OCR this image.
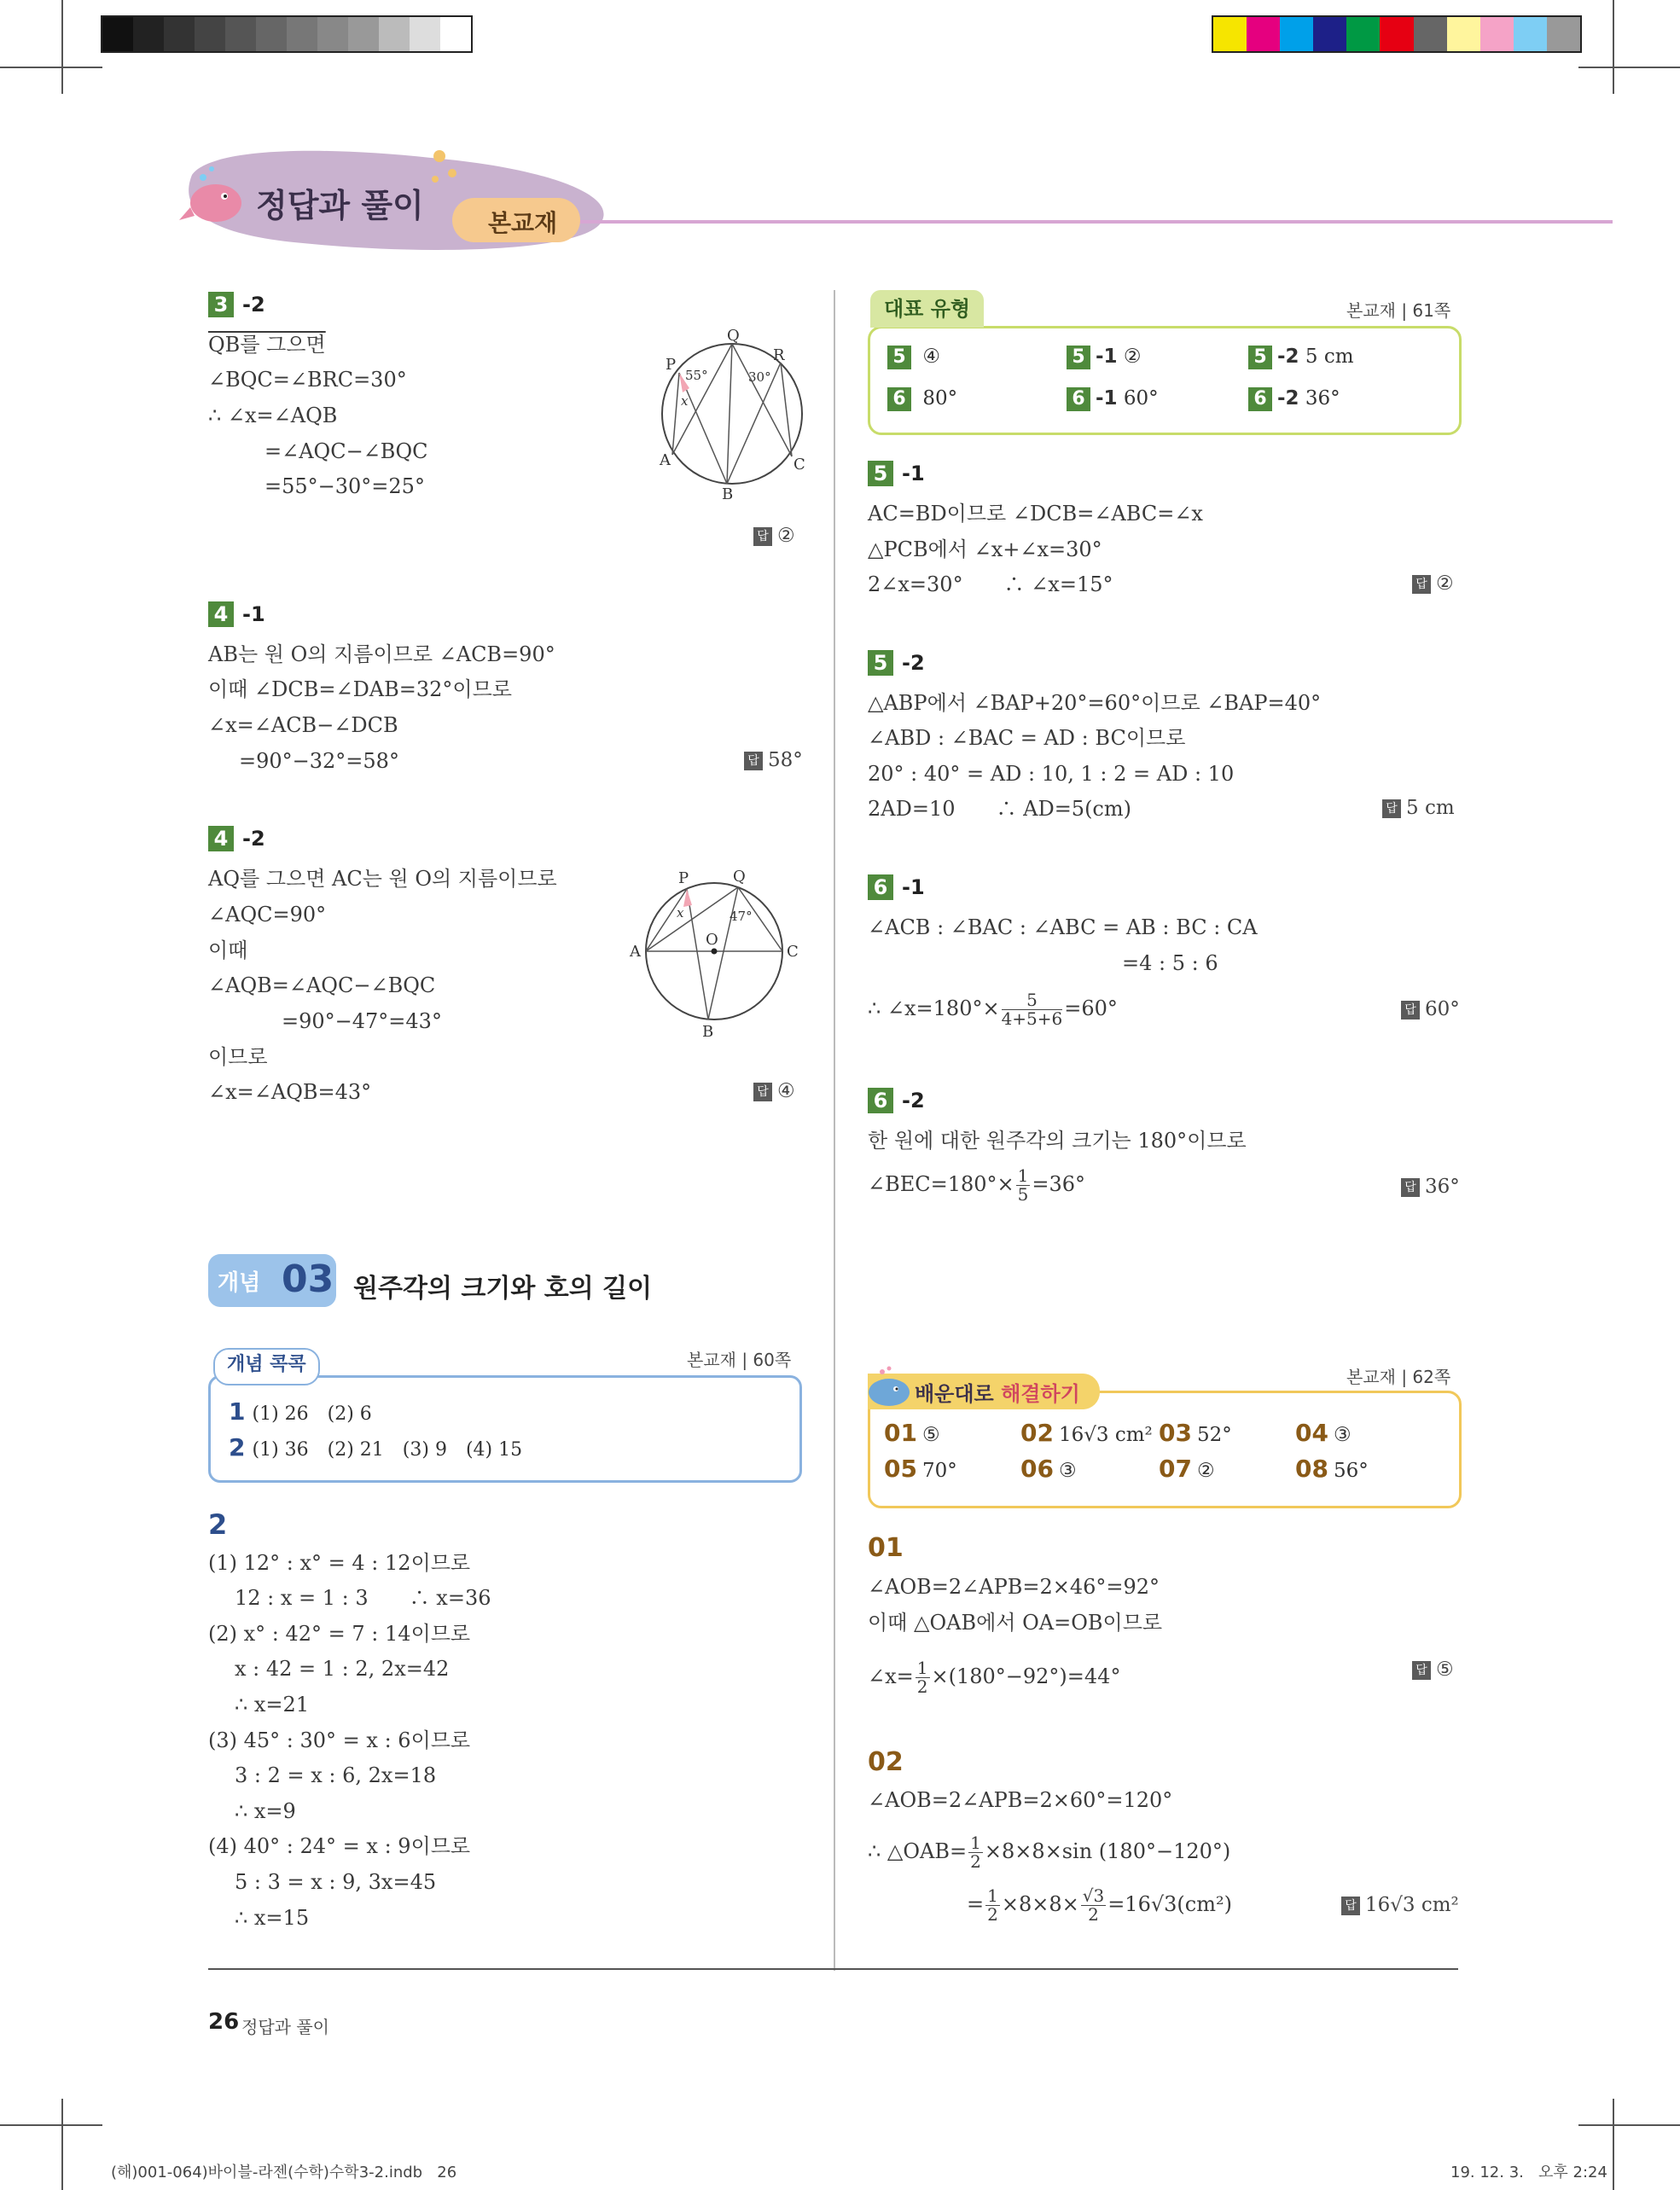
정답과 풀이	본교재
3 -2
QB를 그으면
∠BQC=∠BRC=30°
∴ ∠x=∠AQB
=∠AQC−∠BQC
=55°−30°=25°
P
Q
R
A
B
C
55°	30°
x
답 ②
4 -1
AB는 원 O의 지름이므로 ∠ACB=90°
이때 ∠DCB=∠DAB=32°이므로
∠x=∠ACB−∠DCB
=90°−32°=58°	답 58°
4 -2
AQ를 그으면 AC는 원 O의 지름이므로
∠AQC=90°
이때
∠AQB=∠AQC−∠BQC
=90°−47°=43°
이므로
∠x=∠AQB=43°
P	Q
A	C
O
B
47°
x
답 ④
개념 03 원주각의 크기와 호의 길이
개념 콕콕	본교재 | 60쪽
1 (1) 26　(2) 6
2 (1) 36　(2) 21　(3) 9　(4) 15
2
(1) 12° : x° = 4 : 12이므로
12 : x = 1 : 3　　∴ x=36
(2) x° : 42° = 7 : 14이므로
x : 42 = 1 : 2, 2x=42
∴ x=21
(3) 45° : 30° = x : 6이므로
3 : 2 = x : 6, 2x=18
∴ x=9
(4) 40° : 24° = x : 9이므로
5 : 3 = x : 9, 3x=45
∴ x=15
대표 유형	본교재 | 61쪽
5 ④	5 -1 ②	5 -2 5 cm
6 80°	6 -1 60°	6 -2 36°
5 -1
AC=BD이므로 ∠DCB=∠ABC=∠x
△PCB에서 ∠x+∠x=30°
2∠x=30°　　∴ ∠x=15°	답 ②
5 -2
△ABP에서 ∠BAP+20°=60°이므로 ∠BAP=40°
∠ABD : ∠BAC = AD : BC이므로
20° : 40° = AD : 10, 1 : 2 = AD : 10
2AD=10　　∴ AD=5(cm)	답 5 cm
6 -1
∠ACB : ∠BAC : ∠ABC = AB : BC : CA
=4 : 5 : 6
∴ ∠x=180°× $\frac{5}{4+5+6} =60^\circ$	답 60°
6 -2
한 원에 대한 원주각의 크기는 180°이므로
∠BEC=180°× $\frac{1}{5} =36^\circ$	답 36°
배운대로 해결하기
본교재 | 62쪽
01 ⑤	02 16√3 cm² 03 52°	04 ③
05 70°	06 ③	07 ②	08 56°
01
∠AOB=2∠APB=2×46°=92°
이때 △OAB에서 OA=OB이므로
∠x= $\frac{1}{2} \times(180^\circ-92^\circ)=44^\circ$	답 ⑤
02
∠AOB=2∠APB=2×60°=120°
∴ △OAB= $\frac{1}{2} \times 8\times 8\times\sin$ (180°−120°)
= $\frac{1}{2} \times 8\times 8\times \frac{√3}{2} =16√3(cm^2)$	답 16√3 cm²
26 정답과 풀이
(해)001-064)바이블-라젠(수학)수학3-2.indb   26	19. 12. 3.   오후 2:24
